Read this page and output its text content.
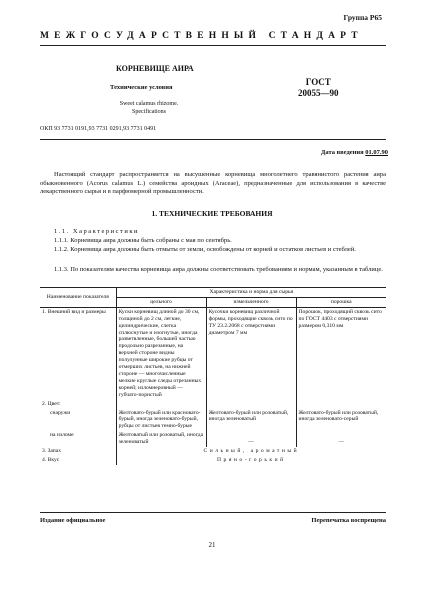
Группа Р65
МЕЖГОСУДАРСТВЕННЫЙ СТАНДАРТ
КОРНЕВИЩЕ АИРА
Технические условия
Sweet calamus rhizome.
Specifications
ГОСТ
20055—90
ОКП 93 7731 0191,93 7731 0291,93 7731 0491
Дата введения 01.07.90
Настоящий стандарт распространяется на высушенные корневища многолетнего травянистого растения аира обыкновенного (Acorus calamus L.) семейства ароидных (Araceae), предназначенные для использования в качестве лекарственного сырья и в парфюмерной промышленности.
1. ТЕХНИЧЕСКИЕ ТРЕБОВАНИЯ
1.1. Характеристики
1.1.1. Корневища аира должны быть собраны с мая по сентябрь.
1.1.2. Корневища аира должны быть отмыты от земли, освобождены от корней и остатков листьев и стеблей.
1.1.3. По показателям качества корневища аира должны соответствовать требованиям и нормам, указанным в таблице.
Наименование показателя	Характеристика и норма для сырья		
	цельного	измельченного	порошка
1. Внешний вид и размеры	Куски корневищ длиной до 30 см, толщиной до 2 см, легкие, цилиндрические, слегка сплюснутые и изогнутые, иногда разветвленные, большей частью продольно разрезанные, на верхней стороне видны полулунные широкие рубцы от отмерших листьев, на нижней стороне — многочисленные мелкие круглые следы отрезанных корней; изломнеровный — губчато-пористый	Кусочки корневищ различной формы, проходящие сквозь сито по ТУ 23.2.2068 с отверстиями диаметром 7 мм	Порошок, проходящий сквозь сито по ГОСТ 4403 с отверстиями размером 0,310 мм
2. Цвет:			
снаружи	Желтовато-бурый или красновато-бурый, иногда зеленовато-бурый, рубцы от листьев темно-бурые	Желтовато-бурый или розоватый, иногда зеленоватый	Желтовато-бурый или розоватый, иногда зеленовато-серый
на изломе	Желтоватый или розоватый, иногда зеленоватый	—	—
3. Запах	Сильный, ароматный		
4. Вкус	Пряно-горький		
Издание официальное	Перепечатка воспрещена
21
